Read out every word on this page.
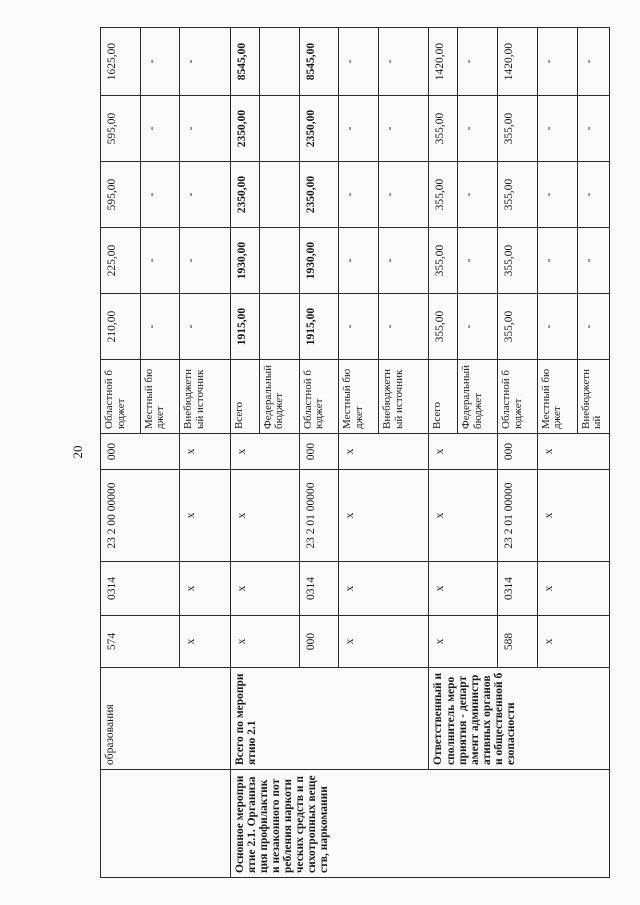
20
	образования	574	0314	23 2 00 00000	000	Областной бюджет	210,00	225,00	595,00	595,00	1625,00
						Местный бюджет	-	-	-	-	-
		х	х	х	х	Внебюджетный источник	-	-	-	-	-
Основное мероприятие 2.1. Организация профилактики незаконного потребления наркотических средств и психотропных веществ, наркомании	Всего по мероприятию 2.1	х	х	х	х	Всего	1915,00	1930,00	2350,00	2350,00	8545,00
						Федеральный бюджет					
		000	0314	23 2 01 00000	000	Областной бюджет	1915,00	1930,00	2350,00	2350,00	8545,00
		х	х	х	х	Местный бюджет	-	-	-	-	-
						Внебюджетный источник	-	-	-	-	-
	Ответственный исполнитель мероприятия - департамент административных органов и общественной безопасности	х	х	х	х	Всего	355,00	355,00	355,00	355,00	1420,00
						Федеральный бюджет	-	-	-	-	-
		588	0314	23 2 01 00000	000	Областной бюджет	355,00	355,00	355,00	355,00	1420,00
		х	х	х	х	Местный бюджет	-	-	-	-	-
						Внебюджетный	-	-	-	-	-
